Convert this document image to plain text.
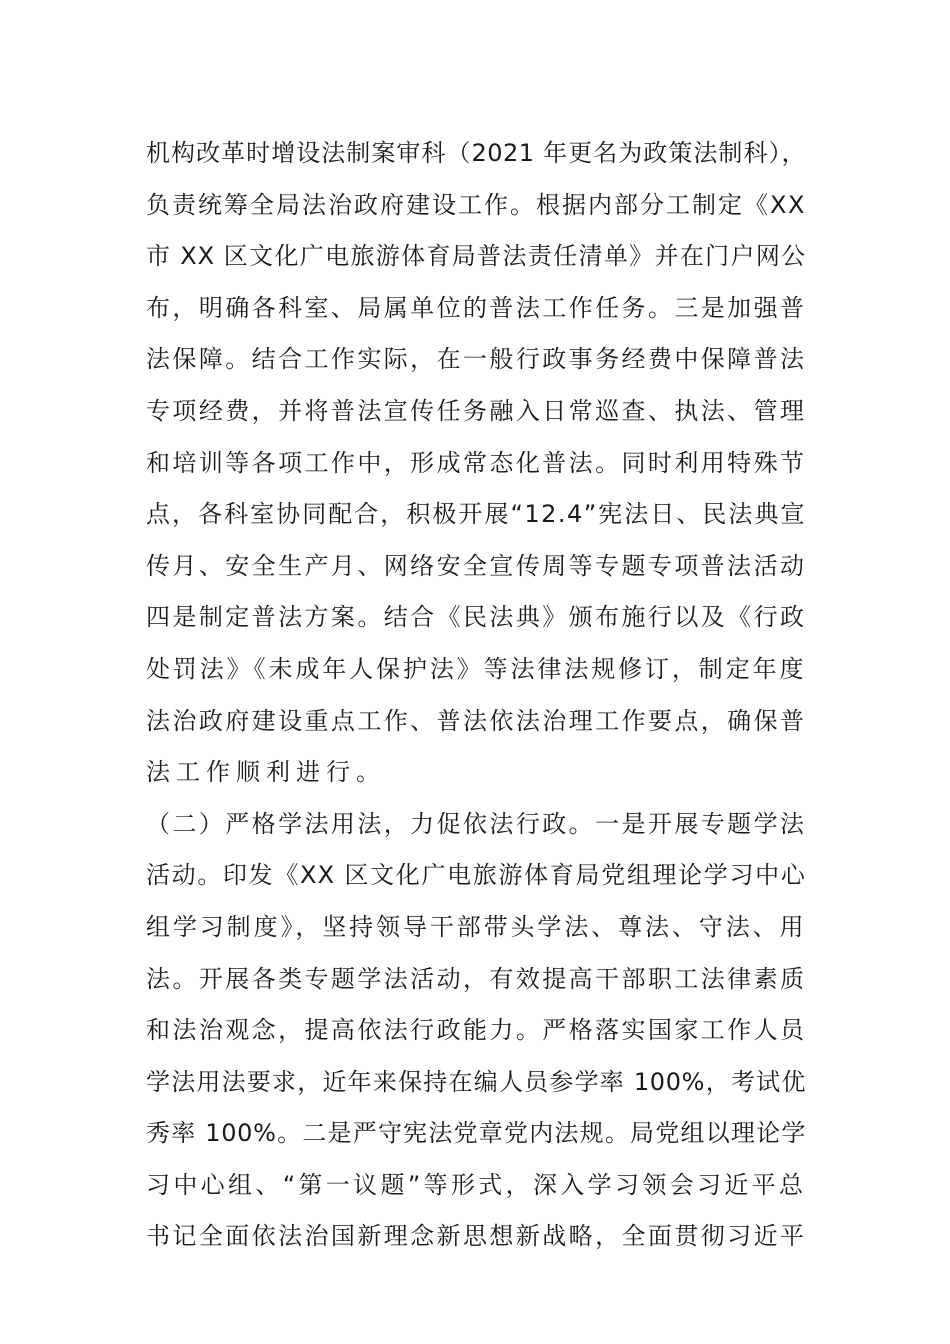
机构改革时增设法制案审科（2021 年更名为政策法制科），
负责统筹全局法治政府建设工作。根据内部分工制定《XX
市 XX 区文化广电旅游体育局普法责任清单》并在门户网公
布，明确各科室、局属单位的普法工作任务。三是加强普
法保障。结合工作实际，在一般行政事务经费中保障普法
专项经费，并将普法宣传任务融入日常巡查、执法、管理
和培训等各项工作中，形成常态化普法。同时利用特殊节
点，各科室协同配合，积极开展“12.4”宪法日、民法典宣
传月、安全生产月、网络安全宣传周等专题专项普法活动
四是制定普法方案。结合《民法典》颁布施行以及《行政
处罚法》《未成年人保护法》等法律法规修订，制定年度
法治政府建设重点工作、普法依法治理工作要点，确保普
法工作顺利进行。
（二）严格学法用法，力促依法行政。一是开展专题学法
活动。印发《XX 区文化广电旅游体育局党组理论学习中心
组学习制度》，坚持领导干部带头学法、尊法、守法、用
法。开展各类专题学法活动，有效提高干部职工法律素质
和法治观念，提高依法行政能力。严格落实国家工作人员
学法用法要求，近年来保持在编人员参学率 100%，考试优
秀率 100%。二是严守宪法党章党内法规。局党组以理论学
习中心组、“第一议题”等形式，深入学习领会习近平总
书记全面依法治国新理念新思想新战略，全面贯彻习近平
